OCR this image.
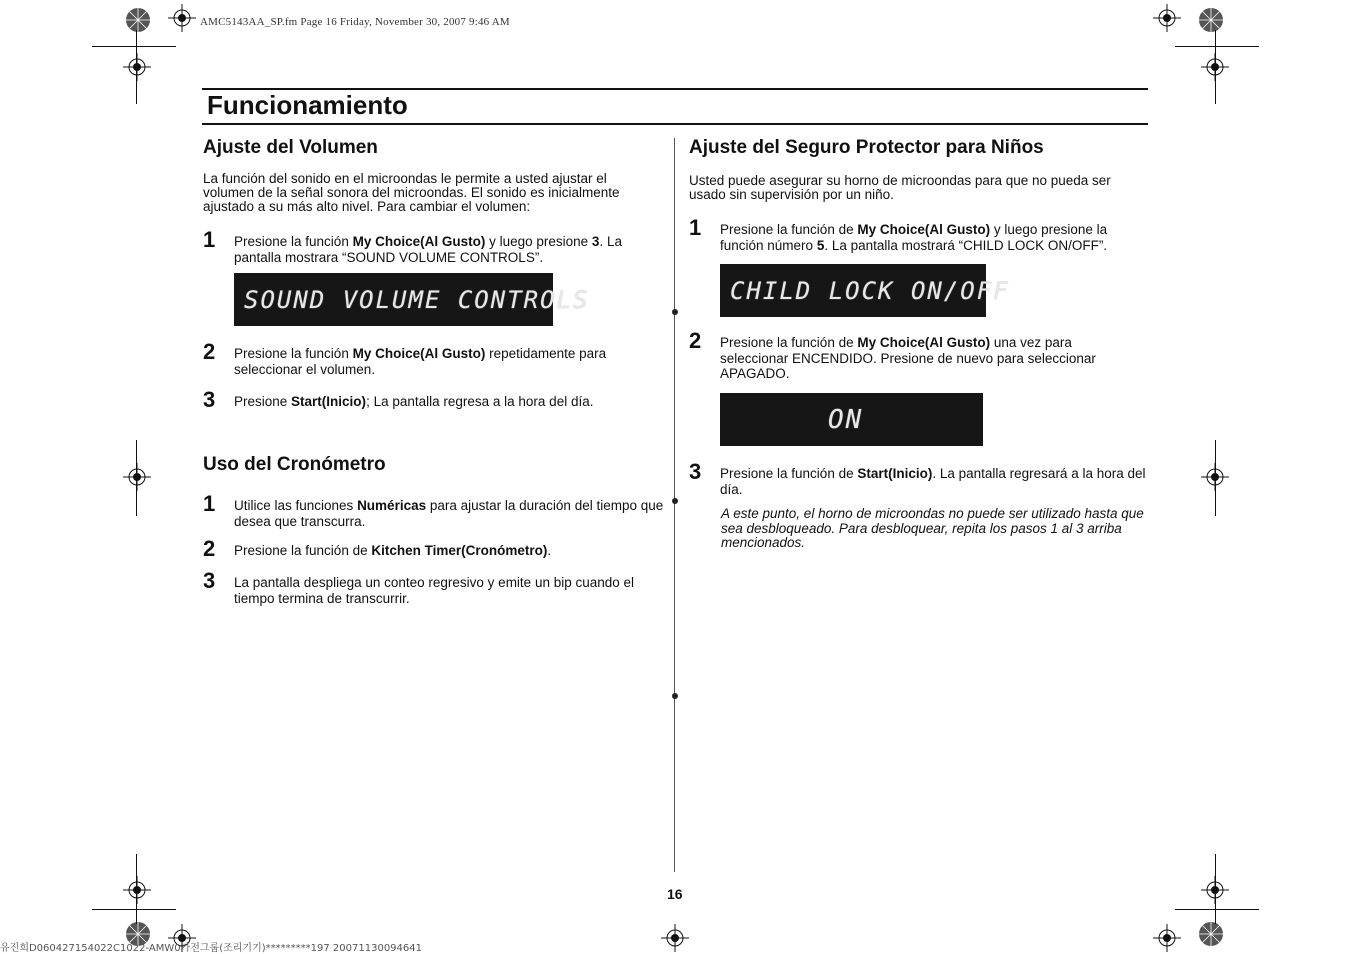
AMC5143AA_SP.fm Page 16 Friday, November 30, 2007 9:46 AM
Funcionamiento
Ajuste del Volumen
La función del sonido en el microondas le permite a usted ajustar el volumen de la señal sonora del microondas. El sonido es inicialmente ajustado a su más alto nivel. Para cambiar el volumen:
1 Presione la función My Choice(Al Gusto) y luego presione 3. La pantalla mostrara “SOUND VOLUME CONTROLS”.
SOUND VOLUME CONTROLS
2 Presione la función My Choice(Al Gusto) repetidamente para seleccionar el volumen.
3 Presione Start(Inicio); La pantalla regresa a la hora del día.
Uso del Cronómetro
1 Utilice las funciones Numéricas para ajustar la duración del tiempo que desea que transcurra.
2 Presione la función de Kitchen Timer(Cronómetro).
3 La pantalla despliega un conteo regresivo y emite un bip cuando el tiempo termina de transcurrir.
Ajuste del Seguro Protector para Niños
Usted puede asegurar su horno de microondas para que no pueda ser usado sin supervisión por un niño.
1 Presione la función de My Choice(Al Gusto) y luego presione la función número 5. La pantalla mostrará “CHILD LOCK ON/OFF”.
CHILD LOCK ON/OFF
2 Presione la función de My Choice(Al Gusto) una vez para seleccionar ENCENDIDO. Presione de nuevo para seleccionar APAGADO.
ON
3 Presione la función de Start(Inicio). La pantalla regresará a la hora del día.
A este punto, el horno de microondas no puede ser utilizado hasta que sea desbloqueado. Para desbloquear, repita los pasos 1 al 3 arriba mencionados.
16
유진희D060427154022C1022-AMW0가전그룹(조리기기)*********197 20071130094641
